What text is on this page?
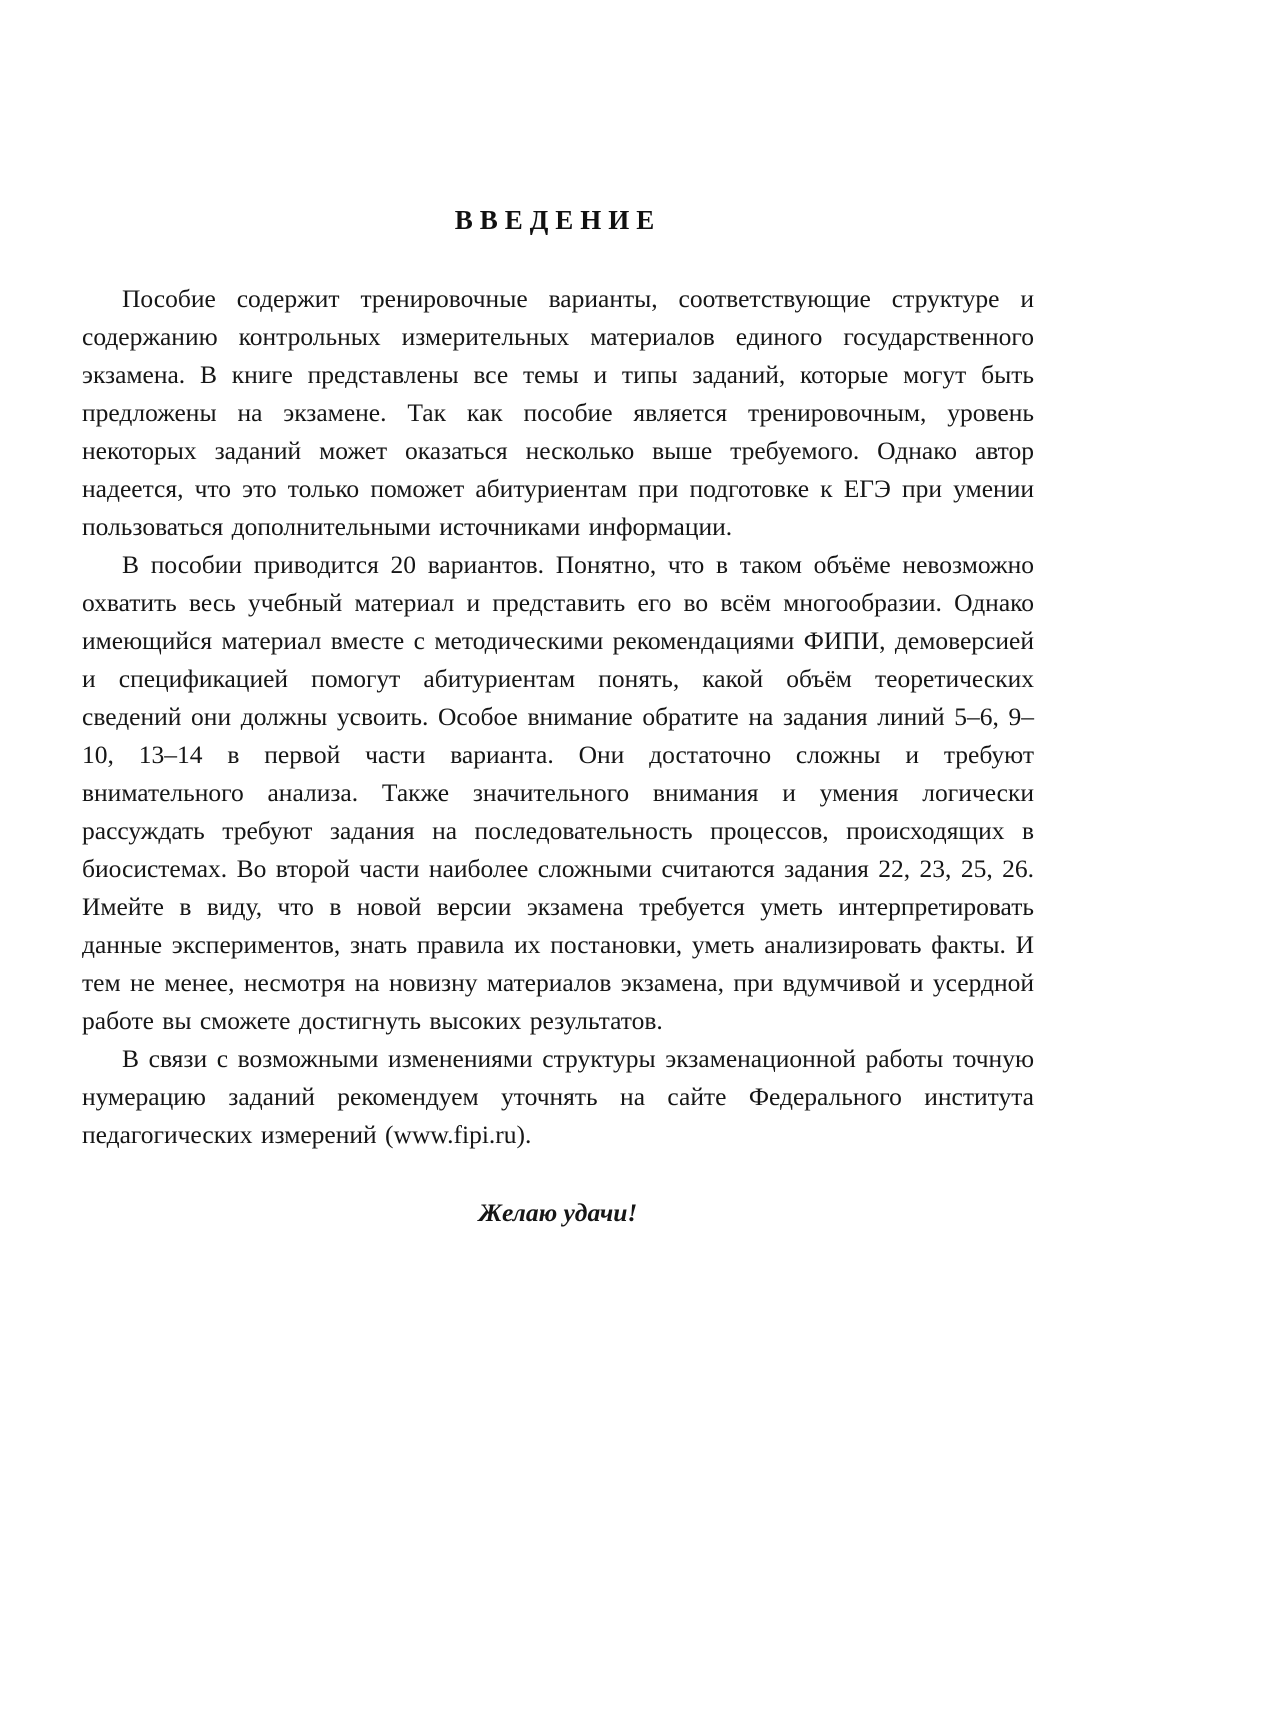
ВВЕДЕНИЕ

Пособие содержит тренировочные варианты, соответствующие структуре и содержанию контрольных измерительных материалов единого государственного экзамена. В книге представлены все темы и типы заданий, которые могут быть предложены на экзамене. Так как пособие является тренировочным, уровень некоторых заданий может оказаться несколько выше требуемого. Однако автор надеется, что это только поможет абитуриентам при подготовке к ЕГЭ при умении пользоваться дополнительными источниками информации.

В пособии приводится 20 вариантов. Понятно, что в таком объёме невозможно охватить весь учебный материал и представить его во всём многообразии. Однако имеющийся материал вместе с методическими рекомендациями ФИПИ, демоверсией и спецификацией помогут абитуриентам понять, какой объём теоретических сведений они должны усвоить. Особое внимание обратите на задания линий 5–6, 9–10, 13–14 в первой части варианта. Они достаточно сложны и требуют внимательного анализа. Также значительного внимания и умения логически рассуждать требуют задания на последовательность процессов, происходящих в биосистемах. Во второй части наиболее сложными считаются задания 22, 23, 25, 26. Имейте в виду, что в новой версии экзамена требуется уметь интерпретировать данные экспериментов, знать правила их постановки, уметь анализировать факты. И тем не менее, несмотря на новизну материалов экзамена, при вдумчивой и усердной работе вы сможете достигнуть высоких результатов.

В связи с возможными изменениями структуры экзаменационной работы точную нумерацию заданий рекомендуем уточнять на сайте Федерального института педагогических измерений (www.fipi.ru).

Желаю удачи!
